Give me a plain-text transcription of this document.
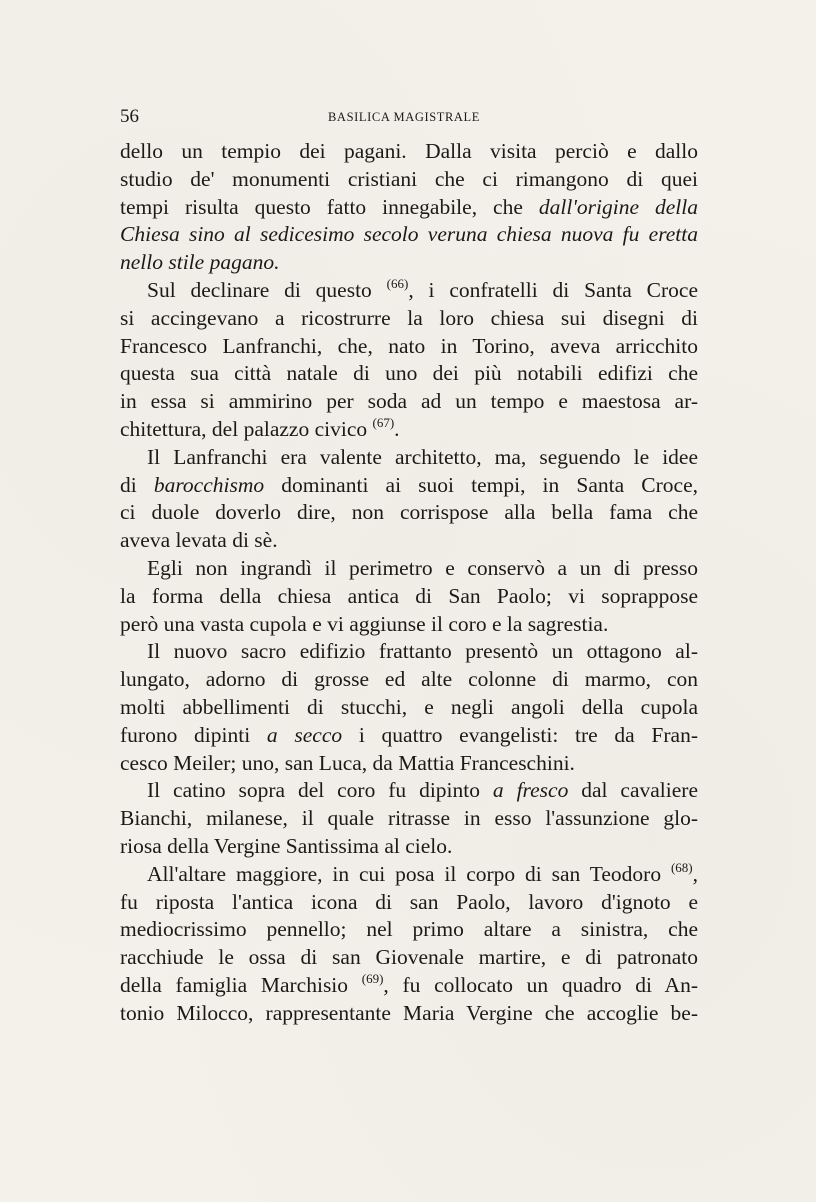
56	BASILICA MAGISTRALE
dello un tempio dei pagani. Dalla visita perciò e dallo
studio de' monumenti cristiani che ci rimangono di quei
tempi risulta questo fatto innegabile, che dall'origine della
Chiesa sino al sedicesimo secolo veruna chiesa nuova fu eretta
nello stile pagano.
Sul declinare di questo $^{(66)}$, i confratelli di Santa Croce
si accingevano a ricostrurre la loro chiesa sui disegni di
Francesco Lanfranchi, che, nato in Torino, aveva arricchito
questa sua città natale di uno dei più notabili edifizi che
in essa si ammirino per soda ad un tempo e maestosa ar-
chitettura, del palazzo civico $^{(67)}$.
Il Lanfranchi era valente architetto, ma, seguendo le idee
di barocchismo dominanti ai suoi tempi, in Santa Croce,
ci duole doverlo dire, non corrispose alla bella fama che
aveva levata di sè.
Egli non ingrandì il perimetro e conservò a un di presso
la forma della chiesa antica di San Paolo; vi soprappose
però una vasta cupola e vi aggiunse il coro e la sagrestia.
Il nuovo sacro edifizio frattanto presentò un ottagono al-
lungato, adorno di grosse ed alte colonne di marmo, con
molti abbellimenti di stucchi, e negli angoli della cupola
furono dipinti a secco i quattro evangelisti: tre da Fran-
cesco Meiler; uno, san Luca, da Mattia Franceschini.
Il catino sopra del coro fu dipinto a fresco dal cavaliere
Bianchi, milanese, il quale ritrasse in esso l'assunzione glo-
riosa della Vergine Santissima al cielo.
All'altare maggiore, in cui posa il corpo di san Teodoro $^{(68)}$,
fu riposta l'antica icona di san Paolo, lavoro d'ignoto e
mediocrissimo pennello; nel primo altare a sinistra, che
racchiude le ossa di san Giovenale martire, e di patronato
della famiglia Marchisio $^{(69)}$, fu collocato un quadro di An-
tonio Milocco, rappresentante Maria Vergine che accoglie be-
